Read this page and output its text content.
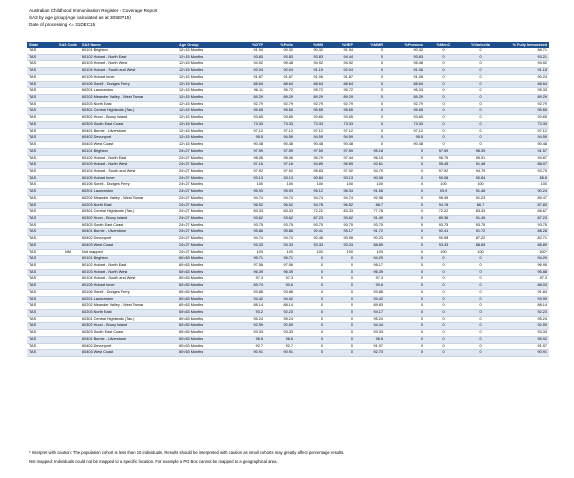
Australian Childhood Immunisation Register - Coverage Report
SA3 by age group(Age calculated as at 30SEP15)
Date of processing <= 31DEC15
State	SA3 Code	SA3 Name	Age Group	%DTP	%Polio	%HIB	%HEP	%MMR	%Pneumo	%MenC	%Varicella	% Fully Immunised
TAS		60101 Brighton	12<15 Months	91.94	90.32	90.32	91.94	0	90.32	0	0	88.71
TAS		60102 Hobart - North East	12<15 Months	93.83	93.83	93.83	94.44	0	93.83	0	0	93.21
TAS		60103 Hobart - North West	12<15 Months	94.92	95.48	94.92	94.92	0	95.48	0	0	94.92
TAS		60104 Hobart - South and West	12<15 Months	92.04	92.04	91.15	92.04	0	91.06	0	0	91.15
TAS		60105 Hobart Inner	12<15 Months	91.87	91.87	91.06	91.87	0	91.06	0	0	90.24
TAS		60106 Sorell - Dodges Ferry	12<15 Months	88.64	88.64	88.64	88.64	0	88.64	0	0	88.64
TAS		60201 Launceston	12<15 Months	96.11	95.72	95.72	95.72	0	95.33	0	0	95.33
TAS		60202 Meander Valley - West Tamar	12<15 Months	89.29	89.29	89.29	89.29	0	89.29	0	0	89.29
TAS		60203 North East	12<15 Months	92.79	92.79	92.79	92.79	0	92.79	0	0	92.79
TAS		60301 Central Highlands (Tas.)	12<15 Months	95.65	95.65	95.65	95.65	0	95.65	0	0	95.65
TAS		60302 Huon - Bruny Island	12<15 Months	93.65	93.65	93.65	93.65	0	93.65	0	0	93.65
TAS		60303 South East Coast	12<15 Months	73.33	73.33	73.33	73.33	0	73.33	0	0	73.33
TAS		60401 Burnie - Ulverstone	12<15 Months	97.12	97.12	97.12	97.12	0	97.12	0	0	97.12
TAS		60402 Devonport	12<15 Months	95.5	94.59	94.59	94.59	0	95.5	0	0	94.59
TAS		60403 West Coast	12<15 Months	90.48	90.48	90.48	90.48	0	90.48	0	0	90.48
TAS		60101 Brighton	24<27 Months	97.59	97.59	97.59	97.59	95.18	0	97.59	96.39	91.57
TAS		60102 Hobart - North East	24<27 Months	98.06	98.06	96.79	97.44	96.15	0	96.79	95.51	94.87
TAS		60103 Hobart - North West	24<27 Months	97.16	97.16	94.89	96.59	92.61	0	95.45	91.48	88.07
TAS		60104 Hobart - South and West	24<27 Months	97.92	97.92	95.83	97.92	94.79	0	97.92	94.79	93.75
TAS		60105 Hobart Inner	24<27 Months	93.13	93.13	90.84	93.13	90.08	0	90.08	90.84	85.5
TAS		60106 Sorell - Dodges Ferry	24<27 Months	100	100	100	100	100	0	100	100	100
TAS		60201 Launceston	24<27 Months	95.93	95.93	95.12	96.34	91.06	0	93.9	91.46	90.24
TAS		60202 Meander Valley - West Tamar	24<27 Months	94.74	94.74	94.74	94.74	92.98	0	96.49	91.23	89.47
TAS		60203 North East	24<27 Months	96.52	96.52	94.78	96.52	88.7	0	94.78	86.7	87.83
TAS		60301 Central Highlands (Tas.)	24<27 Months	83.33	83.33	72.22	83.33	77.78	0	72.22	83.33	66.67
TAS		60302 Huon - Bruny Island	24<27 Months	93.62	93.62	87.23	93.62	91.49	0	89.36	91.49	87.23
TAS		60303 South East Coast	24<27 Months	93.75	93.75	93.75	93.75	93.75	0	93.75	93.75	93.75
TAS		60401 Burnie - Ulverstone	24<27 Months	95.86	95.86	92.41	95.17	91.72	0	92.41	91.72	88.28
TAS		60402 Devonport	24<27 Months	94.74	94.74	92.48	93.98	90.23	0	90.98	87.22	82.71
TAS		60403 West Coast	24<27 Months	93.33	93.33	93.33	93.33	88.89	0	93.33	88.89	88.89
TAS	NM	Not mapped	24<27 Months	100	100	100	100	100	0	100	100	100*
TAS		60101 Brighton	60<63 Months	95.71	95.71	0	0	94.29	0	0	0	94.29
TAS		60102 Hobart - North East	60<63 Months	97.56	97.56	0	0	98.17	0	0	0	96.95
TAS		60103 Hobart - North West	60<63 Months	96.39	96.39	0	0	96.39	0	0	0	95.88
TAS		60104 Hobart - South and West	60<63 Months	97.3	97.3	0	0	97.3	0	0	0	97.3
TAS		60105 Hobart Inner	60<63 Months	89.74	90.6	0	0	90.6	0	0	0	88.03
TAS		60106 Sorell - Dodges Ferry	60<63 Months	93.88	93.88	0	0	93.88	0	0	0	91.84
TAS		60201 Launceston	60<63 Months	94.42	94.42	0	0	94.42	0	0	0	93.99
TAS		60202 Meander Valley - West Tamar	60<63 Months	88.14	88.14	0	0	89.83	0	0	0	88.14
TAS		60203 North East	60<63 Months	93.2	92.23	0	0	94.17	0	0	0	92.23
TAS		60301 Central Highlands (Tas.)	60<63 Months	95.24	95.24	0	0	95.24	0	0	0	95.24
TAS		60302 Huon - Bruny Island	60<63 Months	92.59	92.59	0	0	94.44	0	0	0	92.59
TAS		60303 South East Coast	60<63 Months	93.33	93.33	0	0	93.33	0	0	0	93.33
TAS		60401 Burnie - Ulverstone	60<63 Months	96.6	96.6	0	0	96.6	0	0	0	95.92
TAS		60402 Devonport	60<63 Months	92.7	92.7	0	0	91.97	0	0	0	91.97
TAS		60403 West Coast	60<63 Months	90.91	90.91	0	0	92.73	0	0	0	90.91
* Interpret with caution: The population cohort is less than 10 individuals. Results should be interpreted with caution as small cohorts may greatly affect percentage results.
Not mapped: Individuals could not be mapped to a specific location. For example a PO Box cannot be mapped to a geographical area.
